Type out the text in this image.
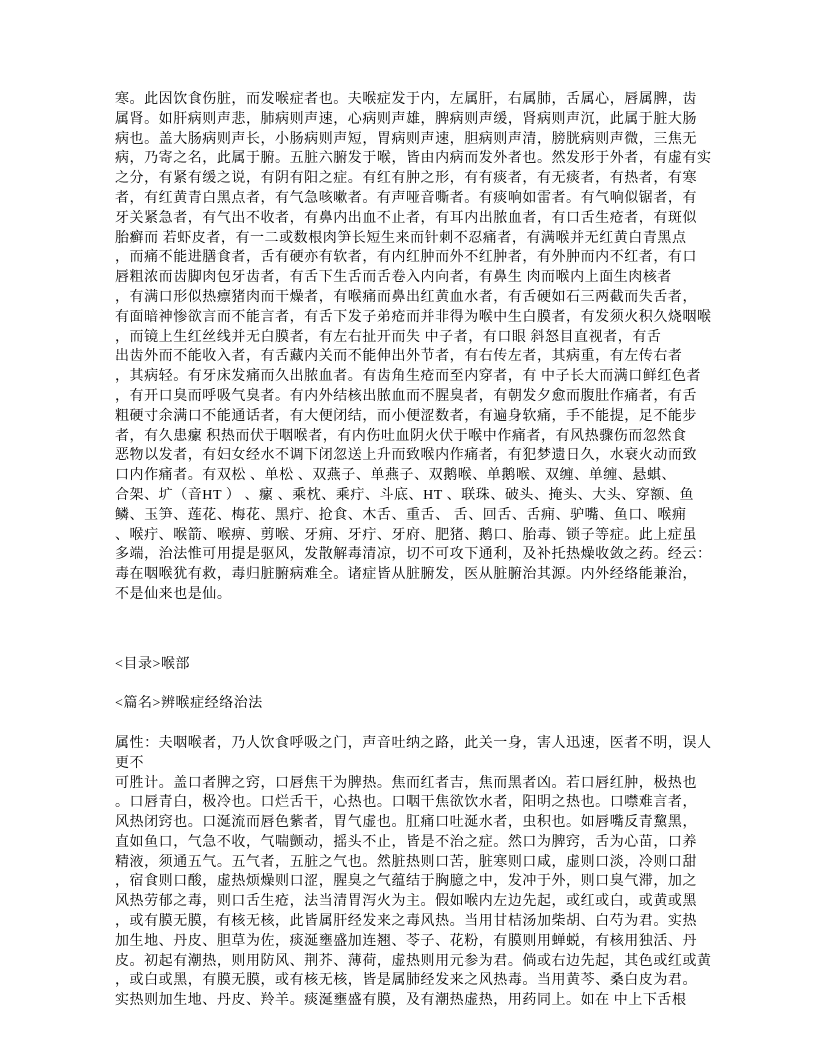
寒。此因饮食伤脏，而发喉症者也。夫喉症发于内，左属肝，右属肺，舌属心，唇属脾，齿
属肾。如肝病则声悲，肺病则声速，心病则声雄，脾病则声缓，肾病则声沉，此属于脏大肠
病也。盖大肠病则声长，小肠病则声短，胃病则声速，胆病则声清，膀胱病则声微，三焦无
病，乃寄之名，此属于腑。五脏六腑发于喉，皆由内病而发外者也。然发形于外者，有虚有实
之分，有紧有缓之说，有阴有阳之症。有红有肿之形，有有痰者，有无痰者，有热者，有寒
者，有红黄青白黑点者，有气急咳嗽者。有声哑音嘶者。有痰响如雷者。有气响似锯者，有
牙关紧急者，有气出不收者，有鼻内出血不止者，有耳内出脓血者，有口舌生疮者，有斑似
胎癣而 若虾皮者，有一二或数根肉笋长短生来而针刺不忍痛者，有满喉并无红黄白青黑点
，而痛不能进膳食者，舌有硬亦有软者，有内红肿而外不红肿者，有外肿而内不红者，有口
唇粗浓而齿脚肉包牙齿者，有舌下生舌而舌卷入内向者，有鼻生 肉而喉内上面生肉核者
，有满口形似热瘭猪肉而干燥者，有喉痛而鼻出红黄血水者，有舌硬如石三两截而失舌者，
有面暗神惨欲言而不能言者，有舌下发子弟疮而并非得为喉中生白膜者，有发须火积久烧咽喉
，而镜上生红丝线并无白膜者，有左右扯开而失 中子者，有口眼 斜怒目直视者，有舌
出齿外而不能收入者，有舌藏内关而不能伸出外节者，有右传左者，其病重，有左传右者
，其病轻。有牙床发痛而久出脓血者。有齿角生疮而至内穿者，有 中子长大而满口鲜红色者
，有开口臭而呼吸气臭者。有内外结核出脓血而不腥臭者，有朝发夕愈而腹肚作痛者，有舌
粗硬寸余满口不能通话者，有大便闭结，而小便涩数者，有遍身软痛，手不能提，足不能步
者，有久患瘰 积热而伏于咽喉者，有内伤吐血阴火伏于喉中作痛者，有风热骤伤而忽然食
恶物以发者，有妇女经水不调下闭忽送上升而致喉内作痛者，有犯梦遗日久，水衰火动而致
口内作痛者。有双松 、单松 、双燕子、单燕子、双鹅喉、单鹅喉、双缠、单缠、悬蜞、
合架、圹（音HT ） 、瘰 、乘枕、乘疔、斗底、HT 、联珠、破头、掩头、大头、穿额、鱼
鳞、玉笋、莲花、梅花、黑疔、抢食、木舌、重舌、 舌、回舌、舌痈、驴嘴、鱼口、喉痈
、喉疔、喉箭、喉痹、剪喉、牙痈、牙疔、牙府、肥猪、鹅口、胎毒、锁子等症。此上症虽
多端，治法惟可用提是驱风，发散解毒清凉，切不可攻下通利，及补托热燥收敛之药。经云：
毒在咽喉犹有救，毒归脏腑病难全。诸症皆从脏腑发，医从脏腑治其源。内外经络能兼治，
不是仙来也是仙。
<目录>喉部
<篇名>辨喉症经络治法
属性：夫咽喉者，乃人饮食呼吸之门，声音吐纳之路，此关一身，害人迅速，医者不明，误人
更不
可胜计。盖口者脾之窍，口唇焦干为脾热。焦而红者吉，焦而黑者凶。若口唇红肿，极热也
。口唇青白，极冷也。口烂舌干，心热也。口咽干焦欲饮水者，阳明之热也。口噤难言者，
风热闭窍也。口涎流而唇色紫者，胃气虚也。肛痛口吐涎水者，虫积也。如唇嘴反青黧黑，
直如鱼口，气急不收，气喘颤动，摇头不止，皆是不治之症。然口为脾窍，舌为心苗，口养
精液，须通五气。五气者，五脏之气也。然脏热则口苦，脏寒则口咸，虚则口淡，冷则口甜
，宿食则口酸，虚热烦燥则口涩，腥臭之气蕴结于胸臆之中，发冲于外，则口臭气滞，加之
风热劳郁之毒，则口舌生疮，法当清胃泻火为主。假如喉内左边先起，或红或白，或黄或黑
，或有膜无膜，有核无核，此皆属肝经发来之毒风热。当用甘桔汤加柴胡、白芍为君。实热
加生地、丹皮、胆草为佐，痰涎壅盛加连翘、苓子、花粉，有膜则用蝉蜕，有核用独活、丹
皮。初起有潮热，则用防风、荆芥、薄荷，虚热则用元参为君。倘或右边先起，其色或红或黄
，或白或黑，有膜无膜，或有核无核，皆是属肺经发来之风热毒。当用黄芩、桑白皮为君。
实热则加生地、丹皮、羚羊。痰涎壅盛有膜，及有潮热虚热，用药同上。如在 中上下舌根
